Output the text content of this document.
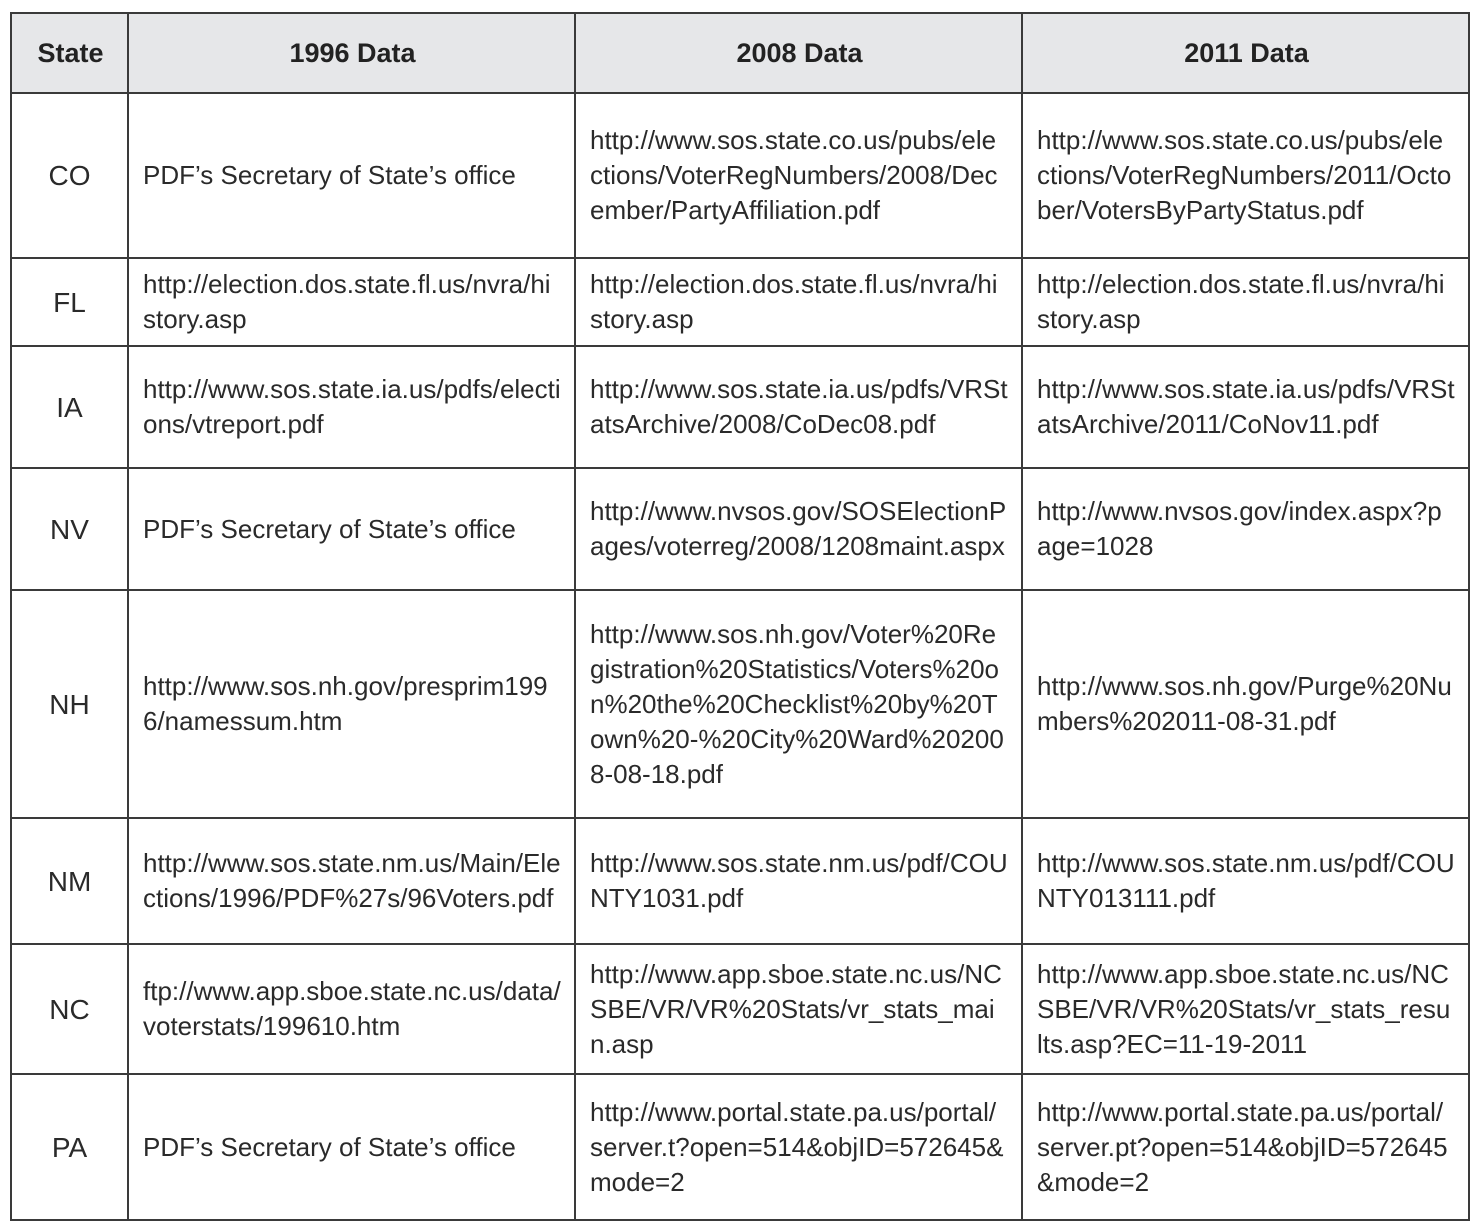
State	1996 Data	2008 Data	2011 Data
CO	PDF’s Secretary of State’s office	http://www.sos.state.co.us/pubs/elections/VoterRegNumbers/2008/December/PartyAffiliation.pdf	http://www.sos.state.co.us/pubs/elections/VoterRegNumbers/2011/October/VotersByPartyStatus.pdf
FL	http://election.dos.state.fl.us/nvra/history.asp	http://election.dos.state.fl.us/nvra/history.asp	http://election.dos.state.fl.us/nvra/history.asp
IA	http://www.sos.state.ia.us/pdfs/elections/vtreport.pdf	http://www.sos.state.ia.us/pdfs/VRStatsArchive/2008/CoDec08.pdf	http://www.sos.state.ia.us/pdfs/VRStatsArchive/2011/CoNov11.pdf
NV	PDF’s Secretary of State’s office	http://www.nvsos.gov/SOSElectionPages/voterreg/2008/1208maint.aspx	http://www.nvsos.gov/index.aspx?page=1028
NH	http://www.sos.nh.gov/presprim1996/namessum.htm	http://www.sos.nh.gov/Voter%20Registration%20Statistics/Voters%20on%20the%20Checklist%20by%20Town%20-%20City%20Ward%202008-08-18.pdf	http://www.sos.nh.gov/Purge%20Numbers%202011-08-31.pdf
NM	http://www.sos.state.nm.us/Main/Elections/1996/PDF%27s/96Voters.pdf	http://www.sos.state.nm.us/pdf/COUNTY1031.pdf	http://www.sos.state.nm.us/pdf/COUNTY013111.pdf
NC	ftp://www.app.sboe.state.nc.us/data/voterstats/199610.htm	http://www.app.sboe.state.nc.us/NCSBE/VR/VR%20Stats/vr_stats_main.asp	http://www.app.sboe.state.nc.us/NCSBE/VR/VR%20Stats/vr_stats_results.asp?EC=11-19-2011
PA	PDF’s Secretary of State’s office	http://www.portal.state.pa.us/portal/server.t?open=514&objID=572645&mode=2	http://www.portal.state.pa.us/portal/server.pt?open=514&objID=572645&mode=2
